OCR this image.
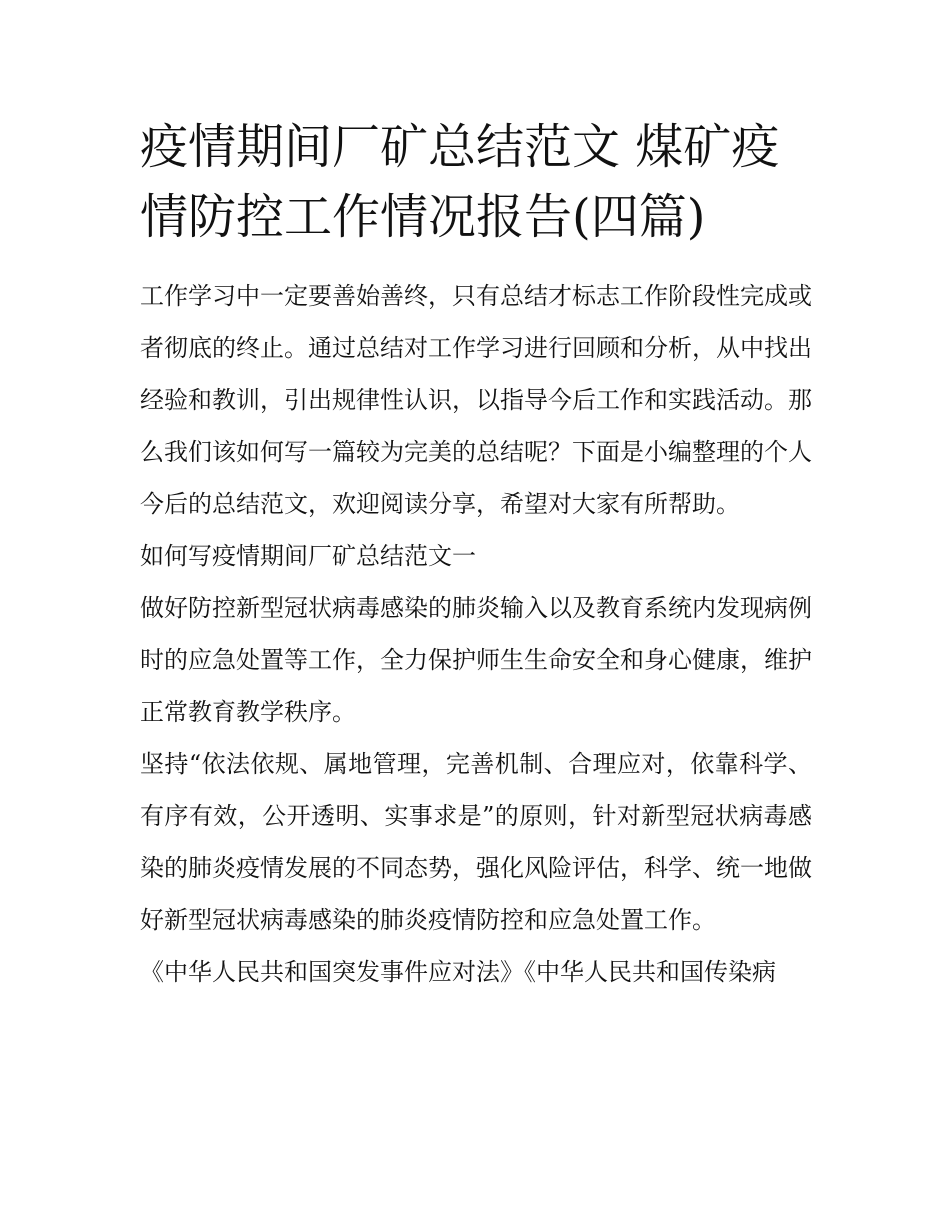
疫情期间厂矿总结范文 煤矿疫情防控工作情况报告(四篇)

工作学习中一定要善始善终，只有总结才标志工作阶段性完成或者彻底的终止。通过总结对工作学习进行回顾和分析，从中找出经验和教训，引出规律性认识，以指导今后工作和实践活动。那么我们该如何写一篇较为完美的总结呢？下面是小编整理的个人今后的总结范文，欢迎阅读分享，希望对大家有所帮助。

如何写疫情期间厂矿总结范文一

做好防控新型冠状病毒感染的肺炎输入以及教育系统内发现病例时的应急处置等工作，全力保护师生生命安全和身心健康，维护正常教育教学秩序。

坚持“依法依规、属地管理，完善机制、合理应对，依靠科学、有序有效，公开透明、实事求是”的原则，针对新型冠状病毒感染的肺炎疫情发展的不同态势，强化风险评估，科学、统一地做好新型冠状病毒感染的肺炎疫情防控和应急处置工作。

《中华人民共和国突发事件应对法》《中华人民共和国传染病
